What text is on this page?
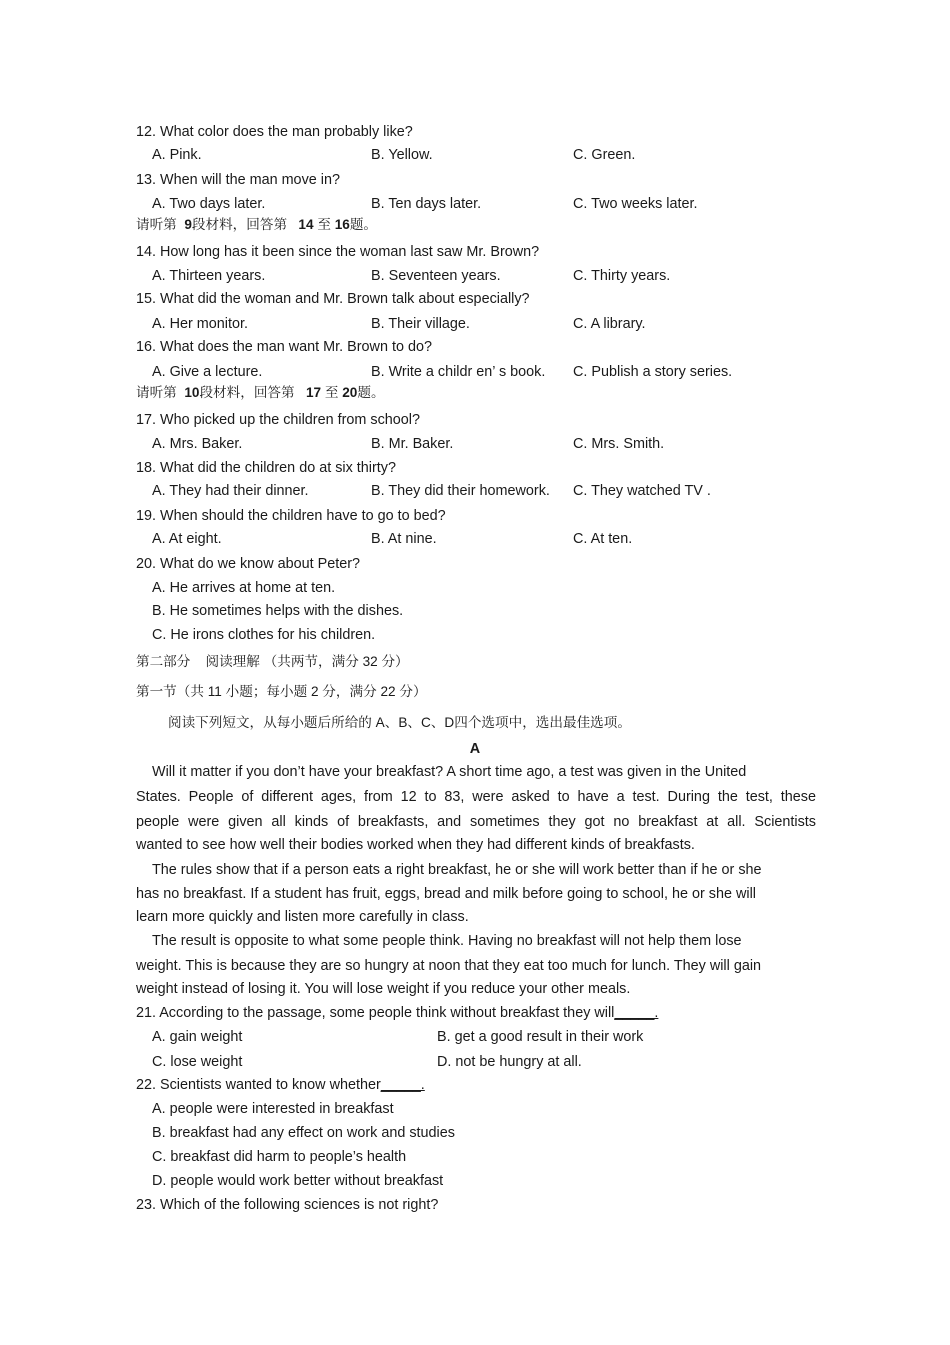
12. What color does the man probably like?
A. Pink.	B. Yellow.	C. Green.
13. When will the man move in?
A. Two days later.	B. Ten days later.	C. Two weeks later.
请听第 9段材料，回答第 14 至 16题。
14. How long has it been since the woman last saw Mr. Brown?
A. Thirteen years.	B. Seventeen years.	C. Thirty years.
15. What did the woman and Mr. Brown talk about especially?
A. Her monitor.	B. Their village.	C. A library.
16. What does the man want Mr. Brown to do?
A. Give a lecture.	B. Write a childr en’ s book. C. Publish a story series.
请听第 10段材料，回答第 17 至 20题。
17. Who picked up the children from school?
A. Mrs. Baker.	B. Mr. Baker.	C. Mrs. Smith.
18. What did the children do at six thirty?
A. They had their dinner.	B. They did their homework. C. They watched TV .
19. When should the children have to go to bed?
A. At eight.	B. At nine.	C. At ten.
20. What do we know about Peter?
A. He arrives at home at ten.
B. He sometimes helps with the dishes.
C. He irons clothes for his children.
第二部分    阅读理解 （共两节，满分 32 分）
第一节（共 11 小题；每小题 2 分，满分 22 分）
阅读下列短文，从每小题后所给的 A、B、C、D四个选项中，选出最佳选项。
A
Will it matter if you don’t have your breakfast? A short time ago, a test was given in the United
States. People of different ages, from 12 to 83, were asked to have a test. During the test, these
people were given all kinds of breakfasts, and sometimes they got no breakfast at all. Scientists
wanted to see how well their bodies worked when they had different kinds of breakfasts.
The rules show that if a person eats a right breakfast, he or she will work better than if he or she
has no breakfast. If a student has fruit, eggs, bread and milk before going to school, he or she will
learn more quickly and listen more carefully in class.
The result is opposite to what some people think. Having no breakfast will not help them lose
weight. This is because they are so hungry at noon that they eat too much for lunch. They will gain
weight instead of losing it. You will lose weight if you reduce your other meals.
21. According to the passage, some people think without breakfast they will_____.
A. gain weight	B. get a good result in their work
C. lose weight	D. not be hungry at all.
22. Scientists wanted to know whether_____.
A. people were interested in breakfast
B. breakfast had any effect on work and studies
C. breakfast did harm to people’s health
D. people would work better without breakfast
23. Which of the following sciences is not right?
